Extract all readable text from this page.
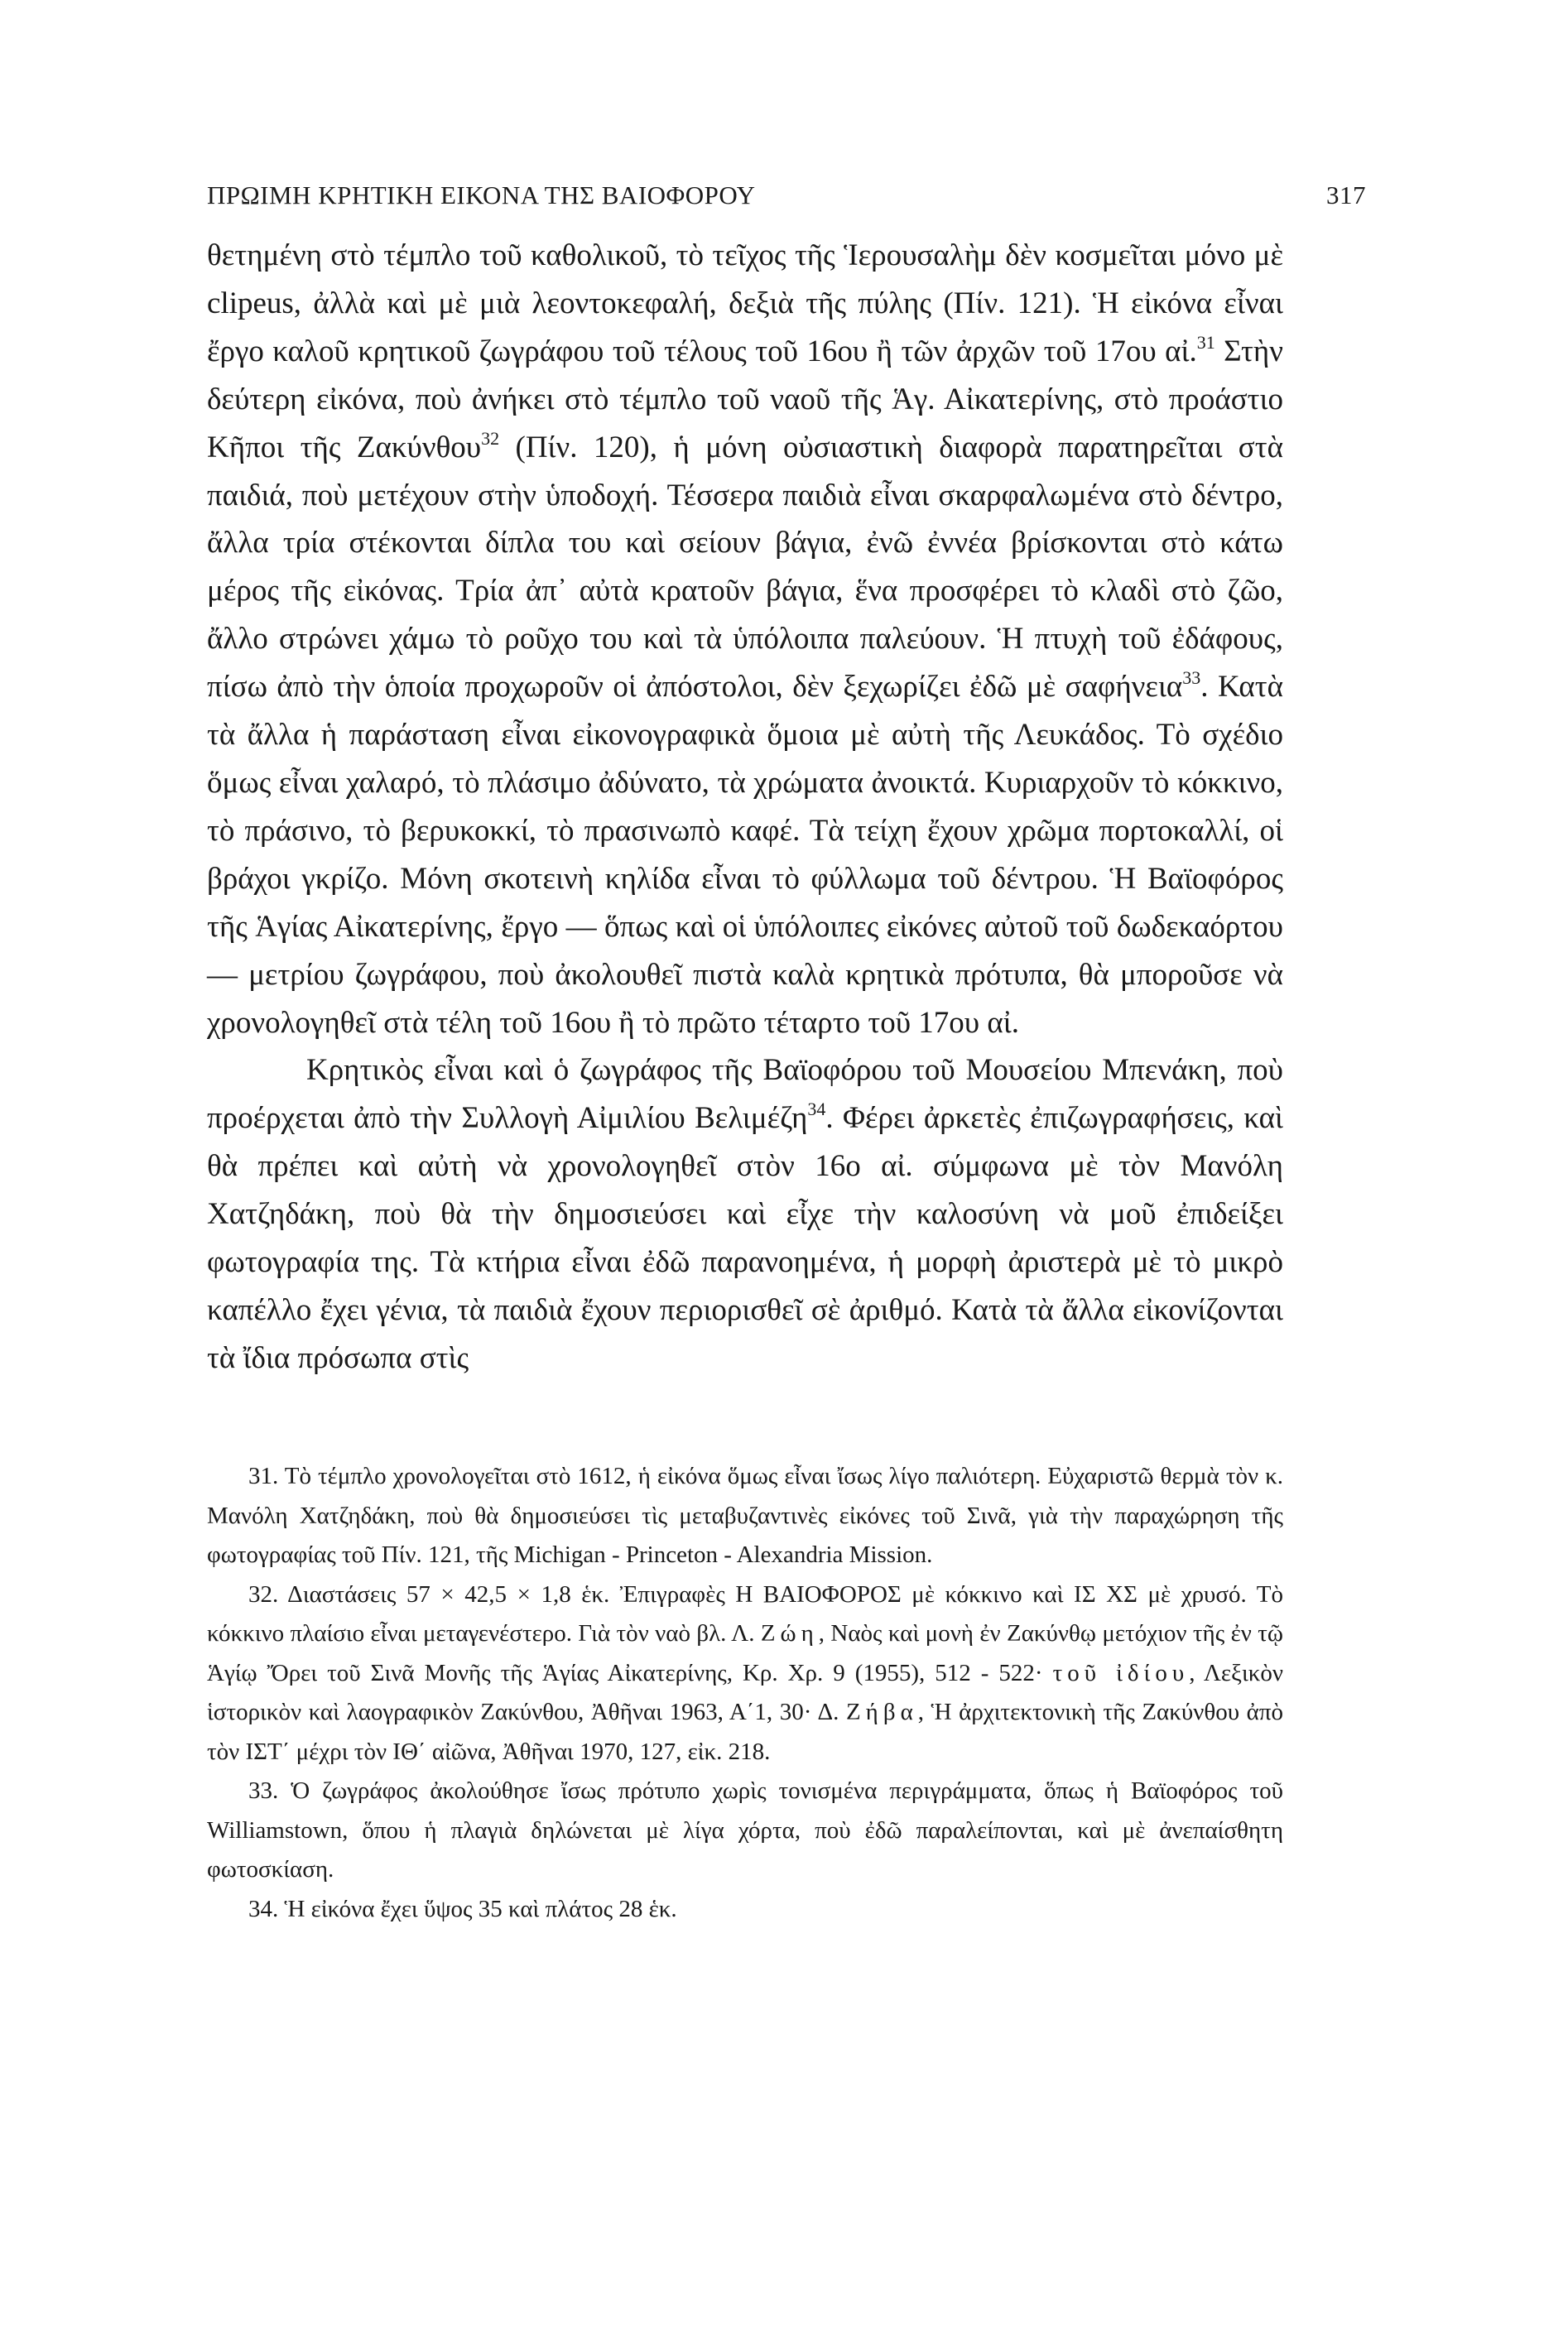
ΠΡΩΙΜΗ ΚΡΗΤΙΚΗ ΕΙΚΟΝΑ ΤΗΣ ΒΑΙΟΦΟΡΟΥ	317

θετημένη στὸ τέμπλο τοῦ καθολικοῦ, τὸ τεῖχος τῆς Ἱερουσαλὴμ δὲν κοσμεῖται μόνο μὲ clipeus, ἀλλὰ καὶ μὲ μιὰ λεοντοκεφαλή, δεξιὰ τῆς πύλης (Πίν. 121). Ἡ εἰκόνα εἶναι ἔργο καλοῦ κρητικοῦ ζωγράφου τοῦ τέλους τοῦ 16ου ἢ τῶν ἀρχῶν τοῦ 17ου αἰ.$^{31}$ Στὴν δεύτερη εἰκόνα, ποὺ ἀνήκει στὸ τέμπλο τοῦ ναοῦ τῆς Ἁγ. Αἰκατερίνης, στὸ προάστιο Κῆποι τῆς Ζακύνθου$^{32}$ (Πίν. 120), ἡ μόνη οὐσιαστικὴ διαφορὰ παρατηρεῖται στὰ παιδιά, ποὺ μετέχουν στὴν ὑποδοχή. Τέσσερα παιδιὰ εἶναι σκαρφαλωμένα στὸ δέντρο, ἄλλα τρία στέκονται δίπλα του καὶ σείουν βάγια, ἐνῶ ἐννέα βρίσκονται στὸ κάτω μέρος τῆς εἰκόνας. Τρία ἀπ᾿ αὐτὰ κρατοῦν βάγια, ἕνα προσφέρει τὸ κλαδὶ στὸ ζῶο, ἄλλο στρώνει χάμω τὸ ροῦχο του καὶ τὰ ὑπόλοιπα παλεύουν. Ἡ πτυχὴ τοῦ ἐδάφους, πίσω ἀπὸ τὴν ὁποία προχωροῦν οἱ ἀπόστολοι, δὲν ξεχωρίζει ἐδῶ μὲ σαφήνεια$^{33}$. Κατὰ τὰ ἄλλα ἡ παράσταση εἶναι εἰκονογραφικὰ ὅμοια μὲ αὐτὴ τῆς Λευκάδος. Τὸ σχέδιο ὅμως εἶναι χαλαρό, τὸ πλάσιμο ἀδύνατο, τὰ χρώματα ἀνοικτά. Κυριαρχοῦν τὸ κόκκινο, τὸ πράσινο, τὸ βερυκοκκί, τὸ πρασινωπὸ καφέ. Τὰ τείχη ἔχουν χρῶμα πορτοκαλλί, οἱ βράχοι γκρίζο. Μόνη σκοτεινὴ κηλίδα εἶναι τὸ φύλλωμα τοῦ δέντρου. Ἡ Βαϊοφόρος τῆς Ἁγίας Αἰκατερίνης, ἔργο — ὅπως καὶ οἱ ὑπόλοιπες εἰκόνες αὐτοῦ τοῦ δωδεκαόρτου — μετρίου ζωγράφου, ποὺ ἀκολουθεῖ πιστὰ καλὰ κρητικὰ πρότυπα, θὰ μποροῦσε νὰ χρονολογηθεῖ στὰ τέλη τοῦ 16ου ἢ τὸ πρῶτο τέταρτο τοῦ 17ου αἰ.

Κρητικὸς εἶναι καὶ ὁ ζωγράφος τῆς Βαϊοφόρου τοῦ Μουσείου Μπενάκη, ποὺ προέρχεται ἀπὸ τὴν Συλλογὴ Αἰμιλίου Βελιμέζη$^{34}$. Φέρει ἀρκετὲς ἐπιζωγραφήσεις, καὶ θὰ πρέπει καὶ αὐτὴ νὰ χρονολογηθεῖ στὸν 16ο αἰ. σύμφωνα μὲ τὸν Μανόλη Χατζηδάκη, ποὺ θὰ τὴν δημοσιεύσει καὶ εἶχε τὴν καλοσύνη νὰ μοῦ ἐπιδείξει φωτογραφία της. Τὰ κτήρια εἶναι ἐδῶ παρανοημένα, ἡ μορφὴ ἀριστερὰ μὲ τὸ μικρὸ καπέλλο ἔχει γένια, τὰ παιδιὰ ἔχουν περιορισθεῖ σὲ ἀριθμό. Κατὰ τὰ ἄλλα εἰκονίζονται τὰ ἴδια πρόσωπα στὶς

31. Τὸ τέμπλο χρονολογεῖται στὸ 1612, ἡ εἰκόνα ὅμως εἶναι ἴσως λίγο παλιότερη. Εὐχαριστῶ θερμὰ τὸν κ. Μανόλη Χατζηδάκη, ποὺ θὰ δημοσιεύσει τὶς μεταβυζαντινὲς εἰκόνες τοῦ Σινᾶ, γιὰ τὴν παραχώρηση τῆς φωτογραφίας τοῦ Πίν. 121, τῆς Michigan - Princeton - Alexandria Mission.

32. Διαστάσεις 57 × 42,5 × 1,8 ἑκ. Ἐπιγραφὲς Η ΒΑΙΟΦΟΡΟΣ μὲ κόκκινο καὶ ΙΣ ΧΣ μὲ χρυσό. Τὸ κόκκινο πλαίσιο εἶναι μεταγενέστερο. Γιὰ τὸν ναὸ βλ. Λ. Ζώη, Ναὸς καὶ μονὴ ἐν Ζακύνθῳ μετόχιον τῆς ἐν τῷ Ἁγίῳ Ὄρει τοῦ Σινᾶ Μονῆς τῆς Ἁγίας Αἰκατερίνης, Κρ. Χρ. 9 (1955), 512 - 522· τοῦ ἰδίου, Λεξικὸν ἱστορικὸν καὶ λαογραφικὸν Ζακύνθου, Ἀθῆναι 1963, Α΄1, 30· Δ. Ζήβα, Ἡ ἀρχιτεκτονικὴ τῆς Ζακύνθου ἀπὸ τὸν ΙΣΤ΄ μέχρι τὸν ΙΘ΄ αἰῶνα, Ἀθῆναι 1970, 127, εἰκ. 218.

33. Ὁ ζωγράφος ἀκολούθησε ἴσως πρότυπο χωρὶς τονισμένα περιγράμματα, ὅπως ἡ Βαϊοφόρος τοῦ Williamstown, ὅπου ἡ πλαγιὰ δηλώνεται μὲ λίγα χόρτα, ποὺ ἐδῶ παραλείπονται, καὶ μὲ ἀνεπαίσθητη φωτοσκίαση.

34. Ἡ εἰκόνα ἔχει ὕψος 35 καὶ πλάτος 28 ἑκ.
